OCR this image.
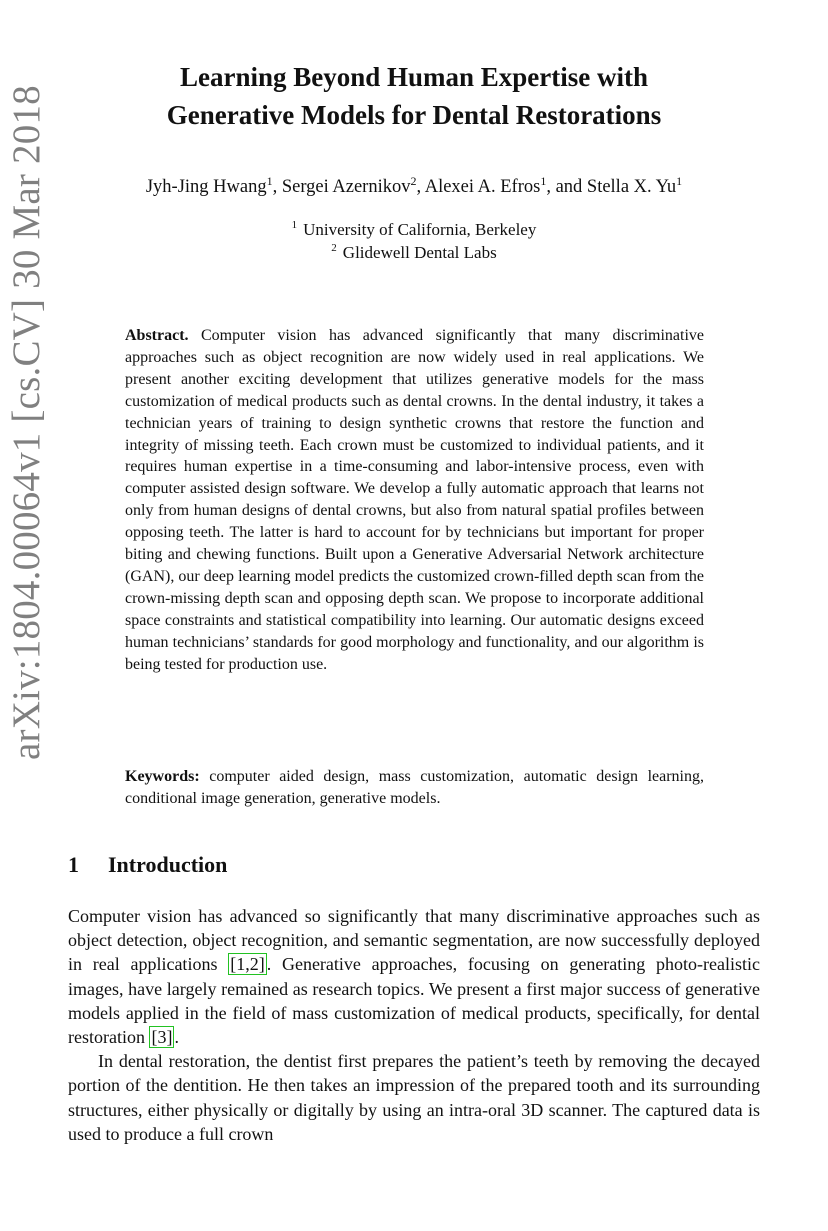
arXiv:1804.00064v1 [cs.CV] 30 Mar 2018
Learning Beyond Human Expertise with
Generative Models for Dental Restorations
Jyh-Jing Hwang$^1$, Sergei Azernikov$^2$, Alexei A. Efros$^1$, and Stella X. Yu$^1$
$^1$ University of California, Berkeley
$^2$ Glidewell Dental Labs
Abstract. Computer vision has advanced significantly that many discriminative approaches such as object recognition are now widely used in real applications. We present another exciting development that utilizes generative models for the mass customization of medical products such as dental crowns. In the dental industry, it takes a technician years of training to design synthetic crowns that restore the function and integrity of missing teeth. Each crown must be customized to individual patients, and it requires human expertise in a time-consuming and labor-intensive process, even with computer assisted design software. We develop a fully automatic approach that learns not only from human designs of dental crowns, but also from natural spatial profiles between opposing teeth. The latter is hard to account for by technicians but important for proper biting and chewing functions. Built upon a Generative Adversarial Network architecture (GAN), our deep learning model predicts the customized crown-filled depth scan from the crown-missing depth scan and opposing depth scan. We propose to incorporate additional space constraints and statistical compatibility into learning. Our automatic designs exceed human technicians’ standards for good morphology and functionality, and our algorithm is being tested for production use.
Keywords: computer aided design, mass customization, automatic design learning, conditional image generation, generative models.
1 Introduction

Computer vision has advanced so significantly that many discriminative approaches such as object detection, object recognition, and semantic segmentation, are now successfully deployed in real applications [1,2] . Generative approaches, focusing on generating photo-realistic images, have largely remained as research topics. We present a first major success of generative models applied in the field of mass customization of medical products, specifically, for dental restoration [3] .

In dental restoration, the dentist first prepares the patient’s teeth by removing the decayed portion of the dentition. He then takes an impression of the prepared tooth and its surrounding structures, either physically or digitally by using an intra-oral 3D scanner. The captured data is used to produce a full crown
